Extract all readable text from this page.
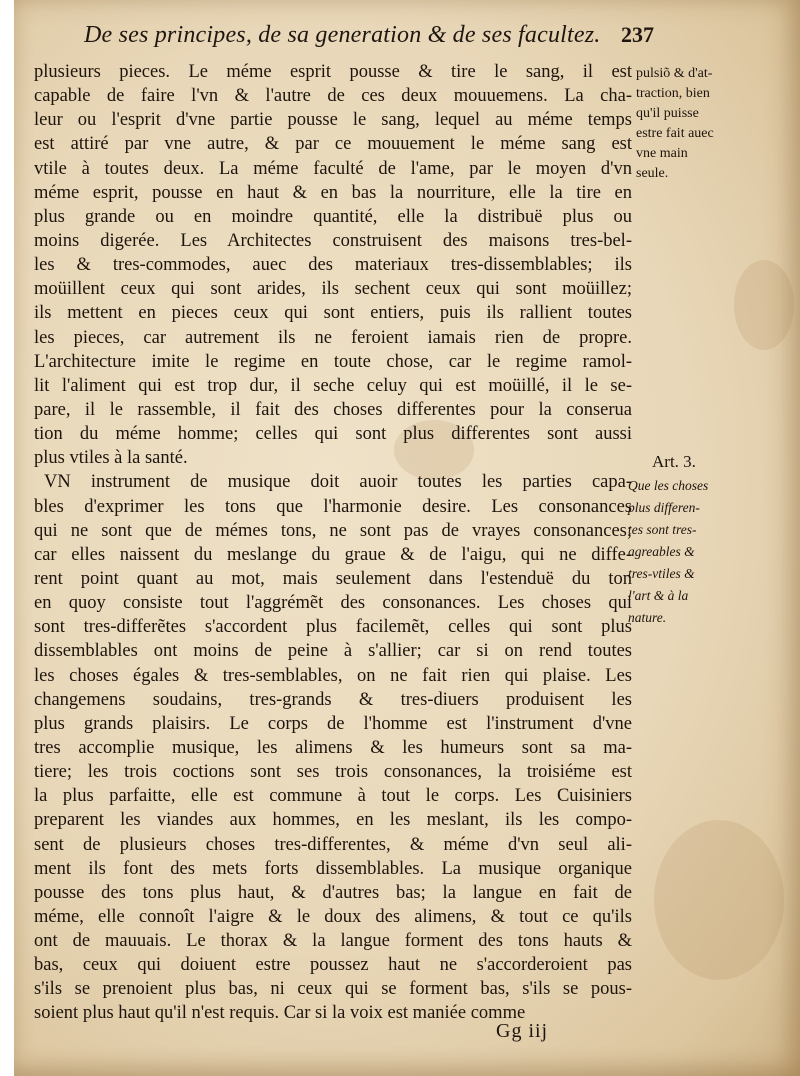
De ses principes, de sa generation & de ses facultez. 237
plusieurs pieces. Le méme esprit pousse & tire le sang, il est
capable de faire l'vn & l'autre de ces deux mouuemens. La cha-
leur ou l'esprit d'vne partie pousse le sang, lequel au méme temps
est attiré par vne autre, & par ce mouuement le méme sang est
vtile à toutes deux. La méme faculté de l'ame, par le moyen d'vn
méme esprit, pousse en haut & en bas la nourriture, elle la tire en
plus grande ou en moindre quantité, elle la distribuë plus ou
moins digerée. Les Architectes construisent des maisons tres-bel-
les & tres-commodes, auec des materiaux tres-dissemblables; ils
moüillent ceux qui sont arides, ils sechent ceux qui sont moüillez;
ils mettent en pieces ceux qui sont entiers, puis ils rallient toutes
les pieces, car autrement ils ne feroient iamais rien de propre.
L'architecture imite le regime en toute chose, car le regime ramol-
lit l'aliment qui est trop dur, il seche celuy qui est moüillé, il le se-
pare, il le rassemble, il fait des choses differentes pour la conserua
tion du méme homme; celles qui sont plus differentes sont aussi
plus vtiles à la santé.
VN instrument de musique doit auoir toutes les parties capa-
bles d'exprimer les tons que l'harmonie desire. Les consonances
qui ne sont que de mémes tons, ne sont pas de vrayes consonances;
car elles naissent du meslange du graue & de l'aigu, qui ne diffe-
rent point quant au mot, mais seulement dans l'estenduë du ton
en quoy consiste tout l'aggrémẽt des consonances. Les choses qui
sont tres-differẽtes s'accordent plus facilemẽt, celles qui sont plus
dissemblables ont moins de peine à s'allier; car si on rend toutes
les choses égales & tres-semblables, on ne fait rien qui plaise. Les
changemens soudains, tres-grands & tres-diuers produisent les
plus grands plaisirs. Le corps de l'homme est l'instrument d'vne
tres accomplie musique, les alimens & les humeurs sont sa ma-
tiere; les trois coctions sont ses trois consonances, la troisiéme est
la plus parfaitte, elle est commune à tout le corps. Les Cuisiniers
preparent les viandes aux hommes, en les meslant, ils les compo-
sent de plusieurs choses tres-differentes, & méme d'vn seul ali-
ment ils font des mets forts dissemblables. La musique organique
pousse des tons plus haut, & d'autres bas; la langue en fait de
méme, elle connoît l'aigre & le doux des alimens, & tout ce qu'ils
ont de mauuais. Le thorax & la langue forment des tons hauts &
bas, ceux qui doiuent estre poussez haut ne s'accorderoient pas
s'ils se prenoient plus bas, ni ceux qui se forment bas, s'ils se pous-
soient plus haut qu'il n'est requis. Car si la voix est maniée comme
pulsiõ & d'at-
traction, bien
qu'il puisse
estre fait auec
vne main
seule.
Art. 3.
Que les choses
plus differen-
tes sont tres-
agreables &
tres-vtiles &
l'art & à la
nature.
Gg iij
